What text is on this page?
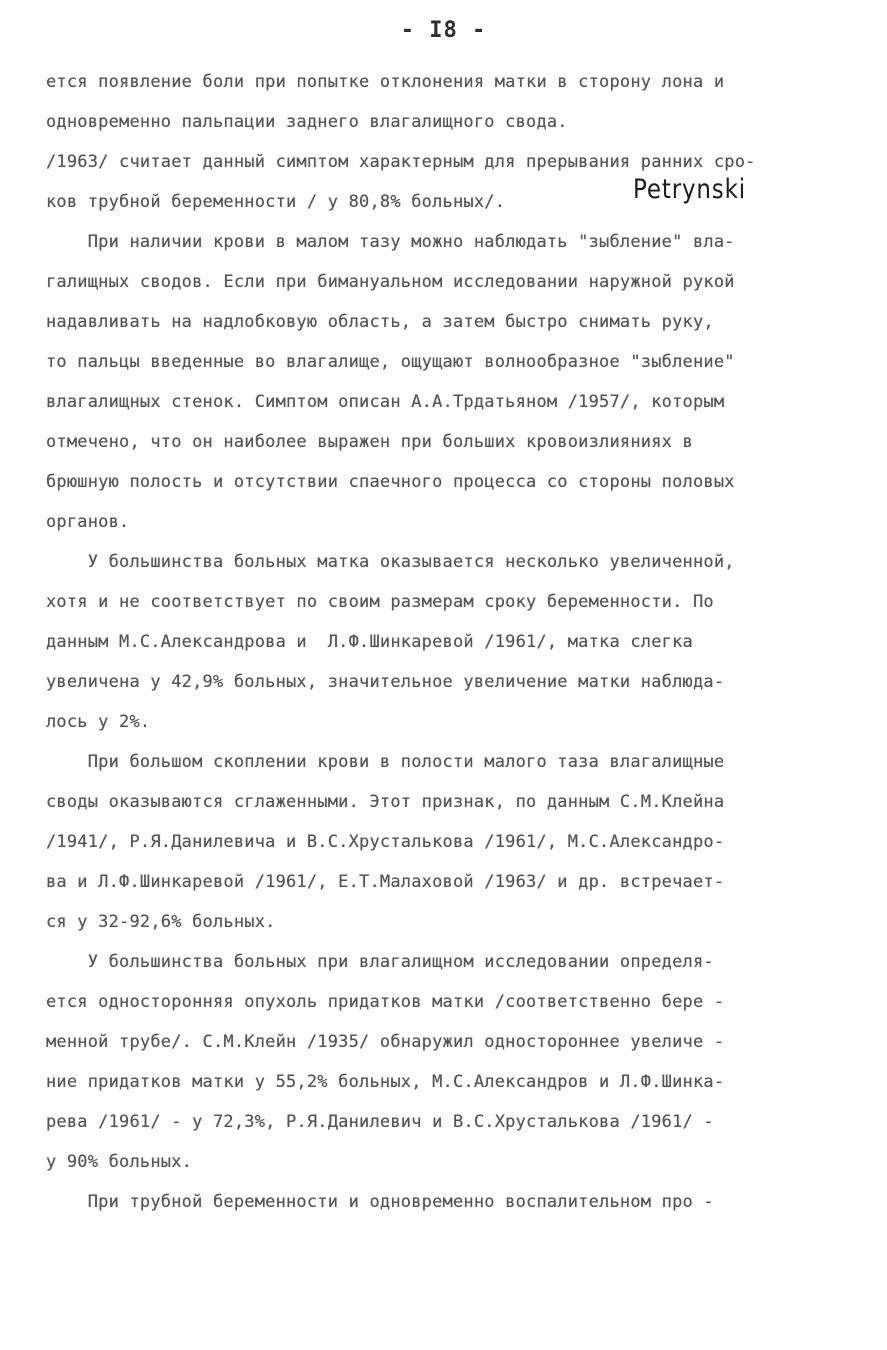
- I8 -
ется появление боли при попытке отклонения матки в сторону лона и
одновременно пальпации заднего влагалищного свода.
/1963/ считает данный симптом характерным для прерывания ранних сро-
ков трубной беременности / у 80,8% больных/.	Petrynski
При наличии крови в малом тазу можно наблюдать "зыбление" вла-
галищных сводов. Если при бимануальном исследовании наружной рукой
надавливать на надлобковую область, а затем быстро снимать руку,
то пальцы введенные во влагалище, ощущают волнообразное "зыбление"
влагалищных стенок. Симптом описан А.А.Трдатьяном /1957/, которым
отмечено, что он наиболее выражен при больших кровоизлияниях в
брюшную полость и отсутствии спаечного процесса со стороны половых
органов.
У большинства больных матка оказывается несколько увеличенной,
хотя и не соответствует по своим размерам сроку беременности. По
данным М.С.Александрова и  Л.Ф.Шинкаревой /1961/, матка слегка
увеличена у 42,9% больных, значительное увеличение матки наблюда-
лось у 2%.
При большом скоплении крови в полости малого таза влагалищные
своды оказываются сглаженными. Этот признак, по данным С.М.Клейна
/1941/, Р.Я.Данилевича и В.С.Хрусталькова /1961/, М.С.Александро-
ва и Л.Ф.Шинкаревой /1961/, Е.Т.Малаховой /1963/ и др. встречает-
ся у 32-92,6% больных.
У большинства больных при влагалищном исследовании определя-
ется односторонняя опухоль придатков матки /соответственно бере -
менной трубе/. С.М.Клейн /1935/ обнаружил одностороннее увеличе -
ние придатков матки у 55,2% больных, М.С.Александров и Л.Ф.Шинка-
рева /1961/ - у 72,3%, Р.Я.Данилевич и В.С.Хрусталькова /1961/ -
у 90% больных.
При трубной беременности и одновременно воспалительном про -
